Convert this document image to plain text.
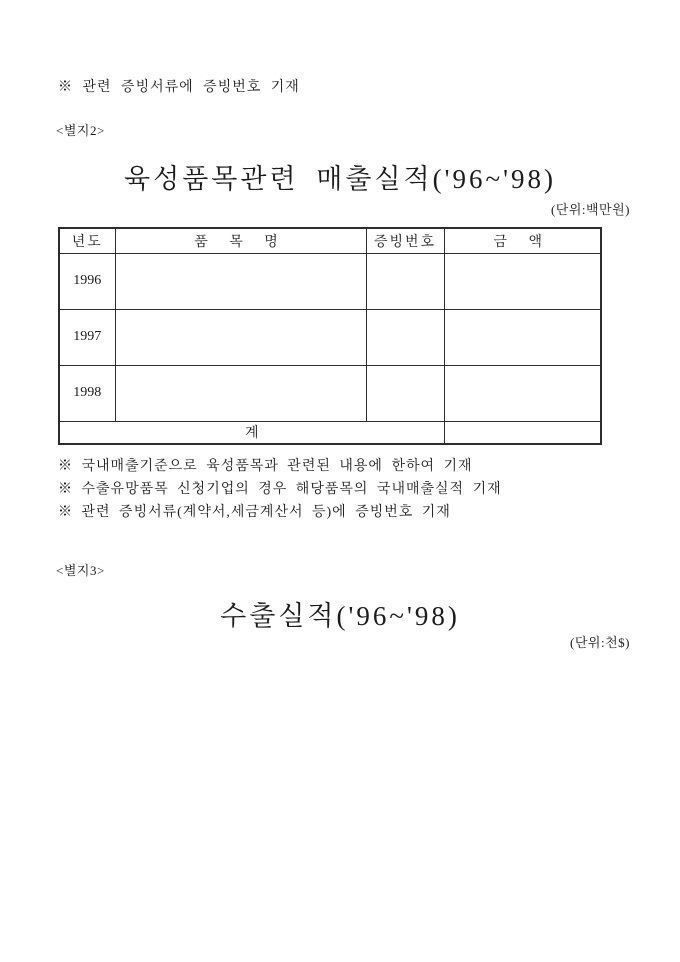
※ 관련 증빙서류에 증빙번호 기재
<별지2>
육성품목관련 매출실적('96~'98)
(단위:백만원)
년도	품 목 명	증빙번호	금 액
1996			
1997			
1998			
계			
※ 국내매출기준으로 육성품목과 관련된 내용에 한하여 기재
※ 수출유망품목 신청기업의 경우 해당품목의 국내매출실적 기재
※ 관련 증빙서류(계약서,세금계산서 등)에 증빙번호 기재
<별지3>
수출실적('96~'98)
(단위:천$)
